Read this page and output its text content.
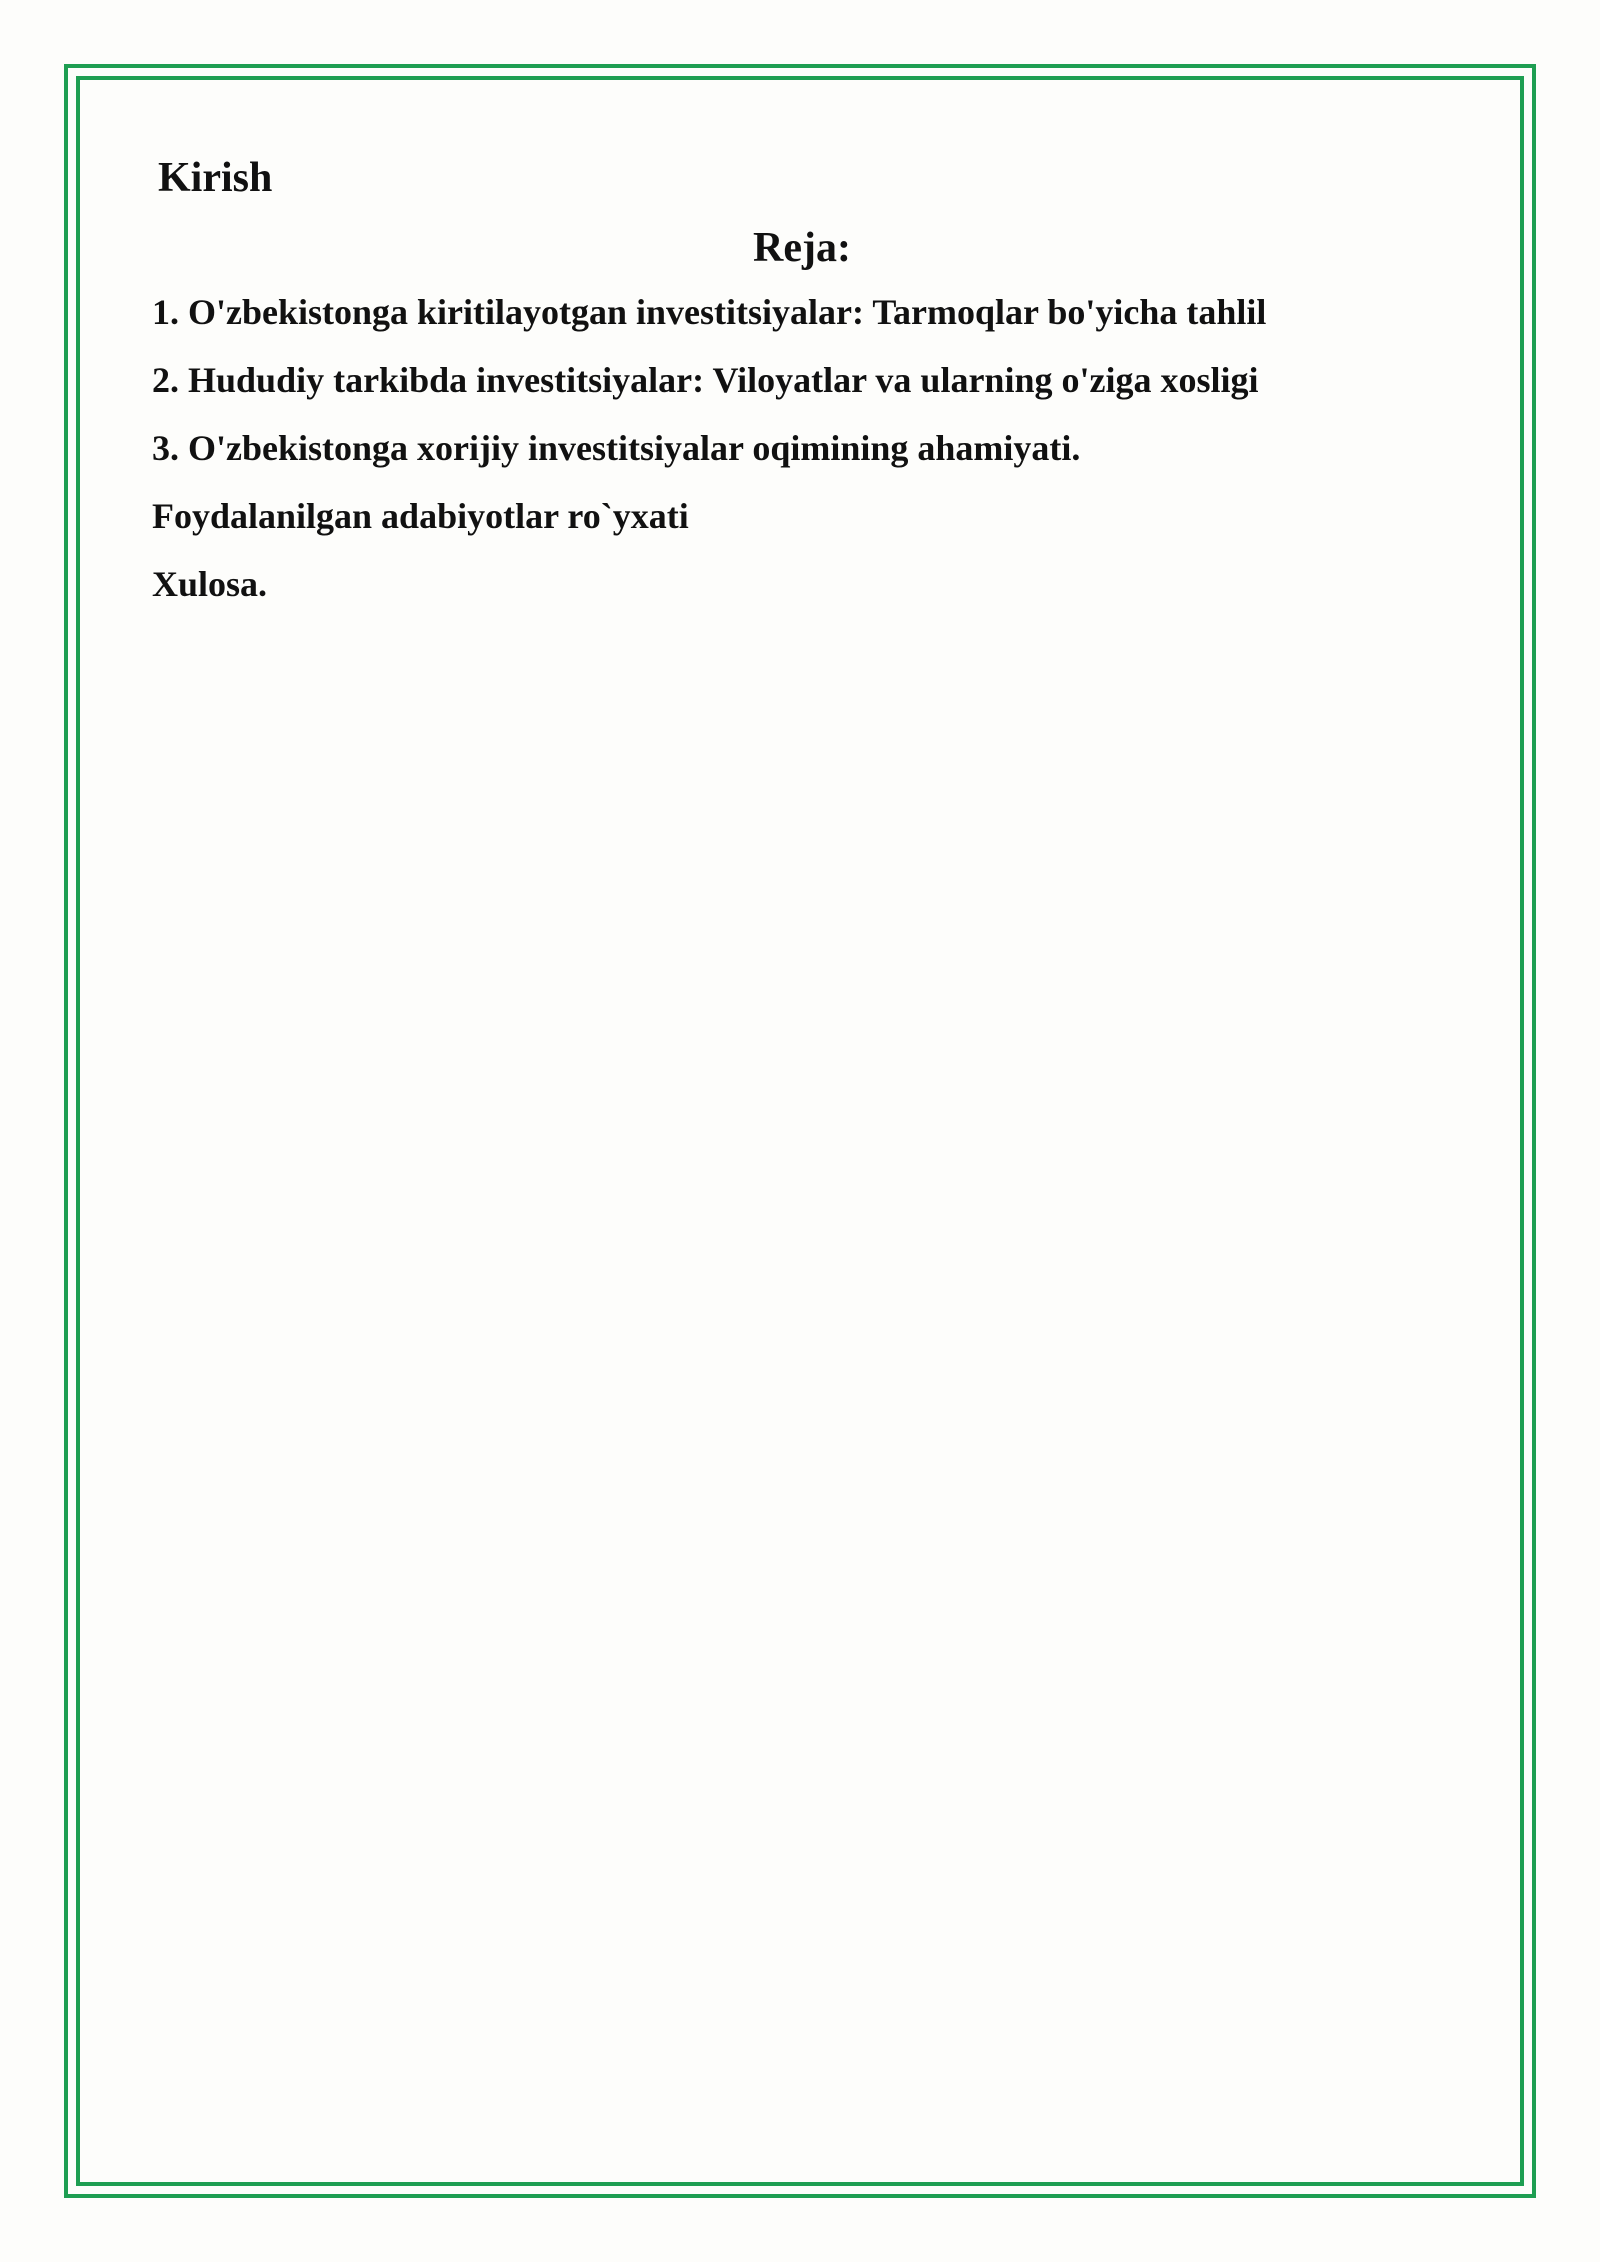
Kirish
Reja:
1. O'zbekistonga kiritilayotgan investitsiyalar: Tarmoqlar bo'yicha tahlil
2. Hududiy tarkibda investitsiyalar: Viloyatlar va ularning o'ziga xosligi
3. O'zbekistonga xorijiy investitsiyalar oqimining ahamiyati.
Foydalanilgan adabiyotlar ro`yxati
Xulosa.
